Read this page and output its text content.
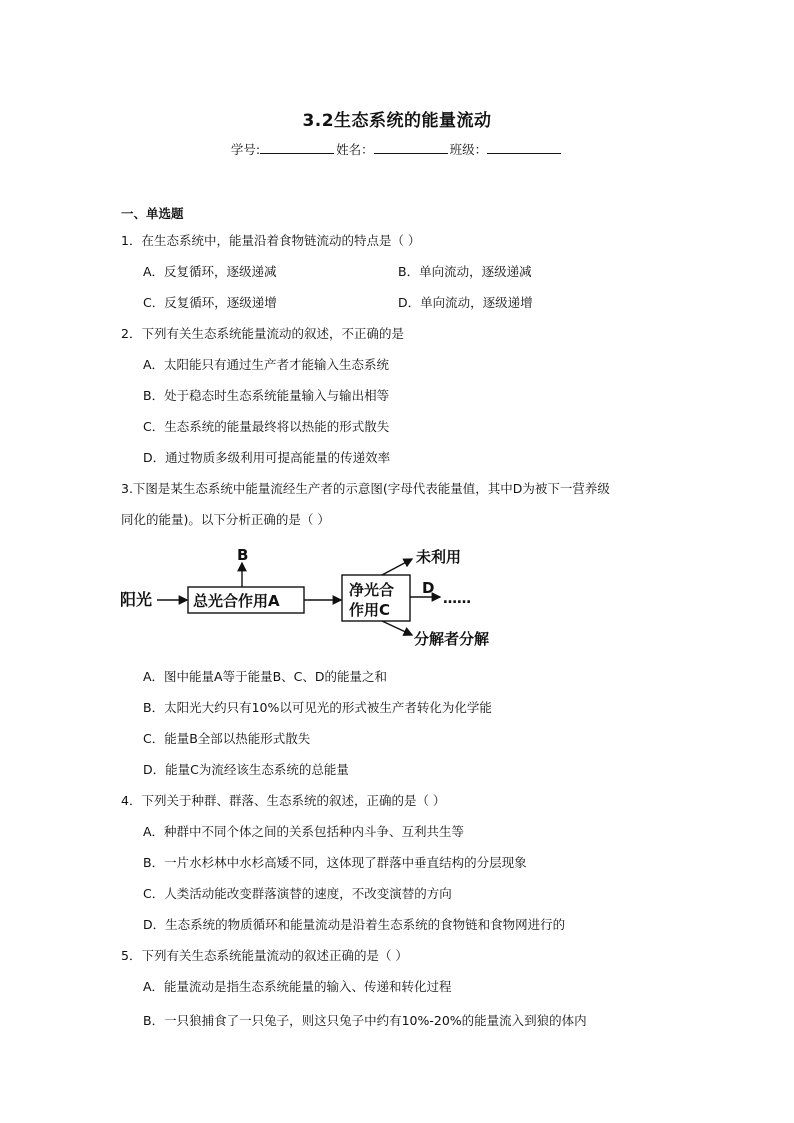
3.2生态系统的能量流动
学号:	姓名：	班级：
一、单选题
1．在生态系统中，能量沿着食物链流动的特点是（ ）
A．反复循环，逐级递减	B．单向流动，逐级递减
C．反复循环，逐级递增	D．单向流动，逐级递增
2．下列有关生态系统能量流动的叙述，不正确的是
A．太阳能只有通过生产者才能输入生态系统
B．处于稳态时生态系统能量输入与输出相等
C．生态系统的能量最终将以热能的形式散失
D．通过物质多级利用可提高能量的传递效率
3.下图是某生态系统中能量流经生产者的示意图(字母代表能量值，其中D为被下一营养级
同化的能量)。以下分析正确的是（ ）
阳光	总光合作用A
B
净光合
作用C
未利用
D
……
分解者分解
A．图中能量A等于能量B、C、D的能量之和
B．太阳光大约只有10%以可见光的形式被生产者转化为化学能
C．能量B全部以热能形式散失
D．能量C为流经该生态系统的总能量
4．下列关于种群、群落、生态系统的叙述，正确的是（ ）
A．种群中不同个体之间的关系包括种内斗争、互利共生等
B．一片水杉林中水杉高矮不同，这体现了群落中垂直结构的分层现象
C．人类活动能改变群落演替的速度，不改变演替的方向
D．生态系统的物质循环和能量流动是沿着生态系统的食物链和食物网进行的
5．下列有关生态系统能量流动的叙述正确的是（ ）
A．能量流动是指生态系统能量的输入、传递和转化过程
B．一只狼捕食了一只兔子，则这只兔子中约有10%-20%的能量流入到狼的体内
